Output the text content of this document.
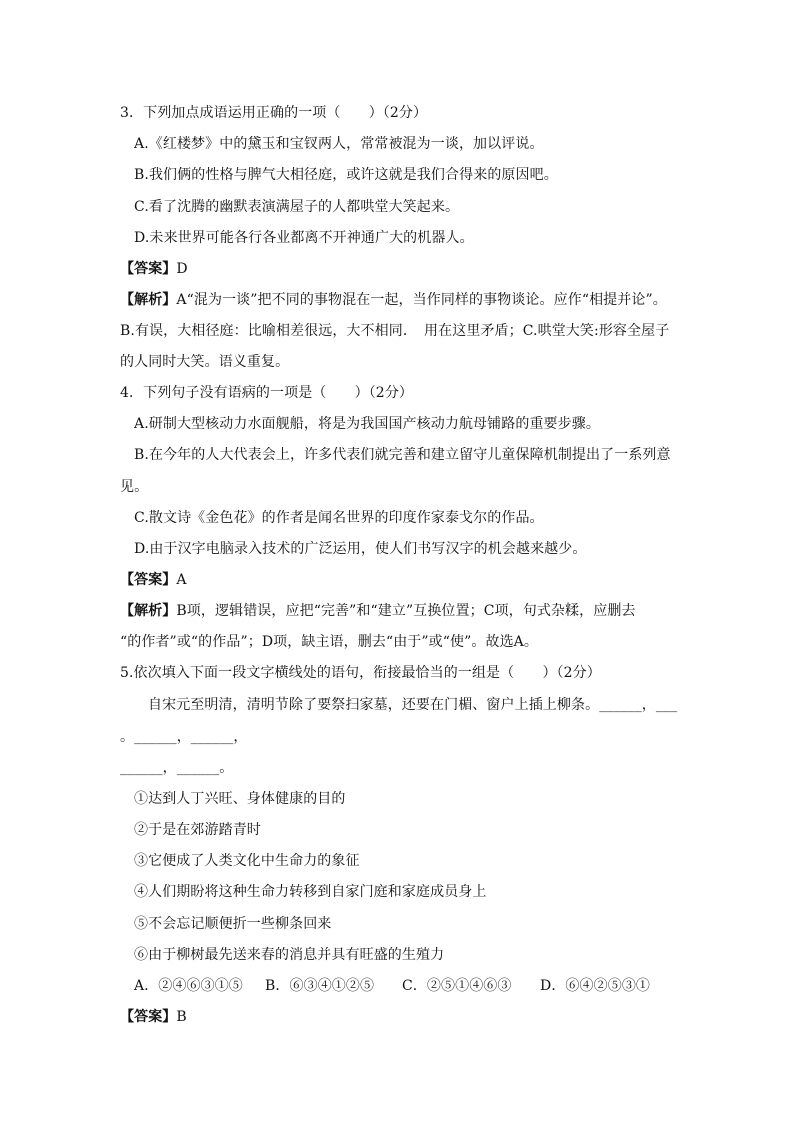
3．下列加点成语运用正确的一项（　　）（2分）
A.《红楼梦》中的黛玉和宝钗两人，常常被混为一谈，加以评说。
B.我们俩的性格与脾气大相径庭，或许这就是我们合得来的原因吧。
C.看了沈腾的幽默表演满屋子的人都哄堂大笑起来。
D.未来世界可能各行各业都离不开神通广大的机器人。
【答案】D
【解析】A“混为一谈”把不同的事物混在一起，当作同样的事物谈论。应作“相提并论”。
B.有误，大相径庭：比喻相差很远，大不相同．　用在这里矛盾；C.哄堂大笑:形容全屋子
的人同时大笑。语义重复。
4．下列句子没有语病的一项是（　　）（2分）
A.研制大型核动力水面舰船，将是为我国国产核动力航母铺路的重要步骤。
B.在今年的人大代表会上，许多代表们就完善和建立留守儿童保障机制提出了一系列意
见。
C.散文诗《金色花》的作者是闻名世界的印度作家泰戈尔的作品。
D.由于汉字电脑录入技术的广泛运用，使人们书写汉字的机会越来越少。
【答案】A
【解析】B项，逻辑错误，应把“完善”和“建立”互换位置；C项，句式杂糅，应删去
“的作者”或“的作品”；D项，缺主语，删去“由于”或“使”。故选A。
5.依次填入下面一段文字横线处的语句，衔接最恰当的一组是（　　）（2分）
自宋元至明清，清明节除了要祭扫家墓，还要在门楣、窗户上插上柳条。______，___
。______，______，
______，______。
①达到人丁兴旺、身体健康的目的
②于是在郊游踏青时
③它便成了人类文化中生命力的象征
④人们期盼将这种生命力转移到自家门庭和家庭成员身上
⑤不会忘记顺便折一些柳条回来
⑥由于柳树最先送来春的消息并具有旺盛的生殖力
A．②④⑥③①⑤ B．⑥③④①②⑤ C．②⑤①④⑥③ D．⑥④②⑤③①
【答案】B
